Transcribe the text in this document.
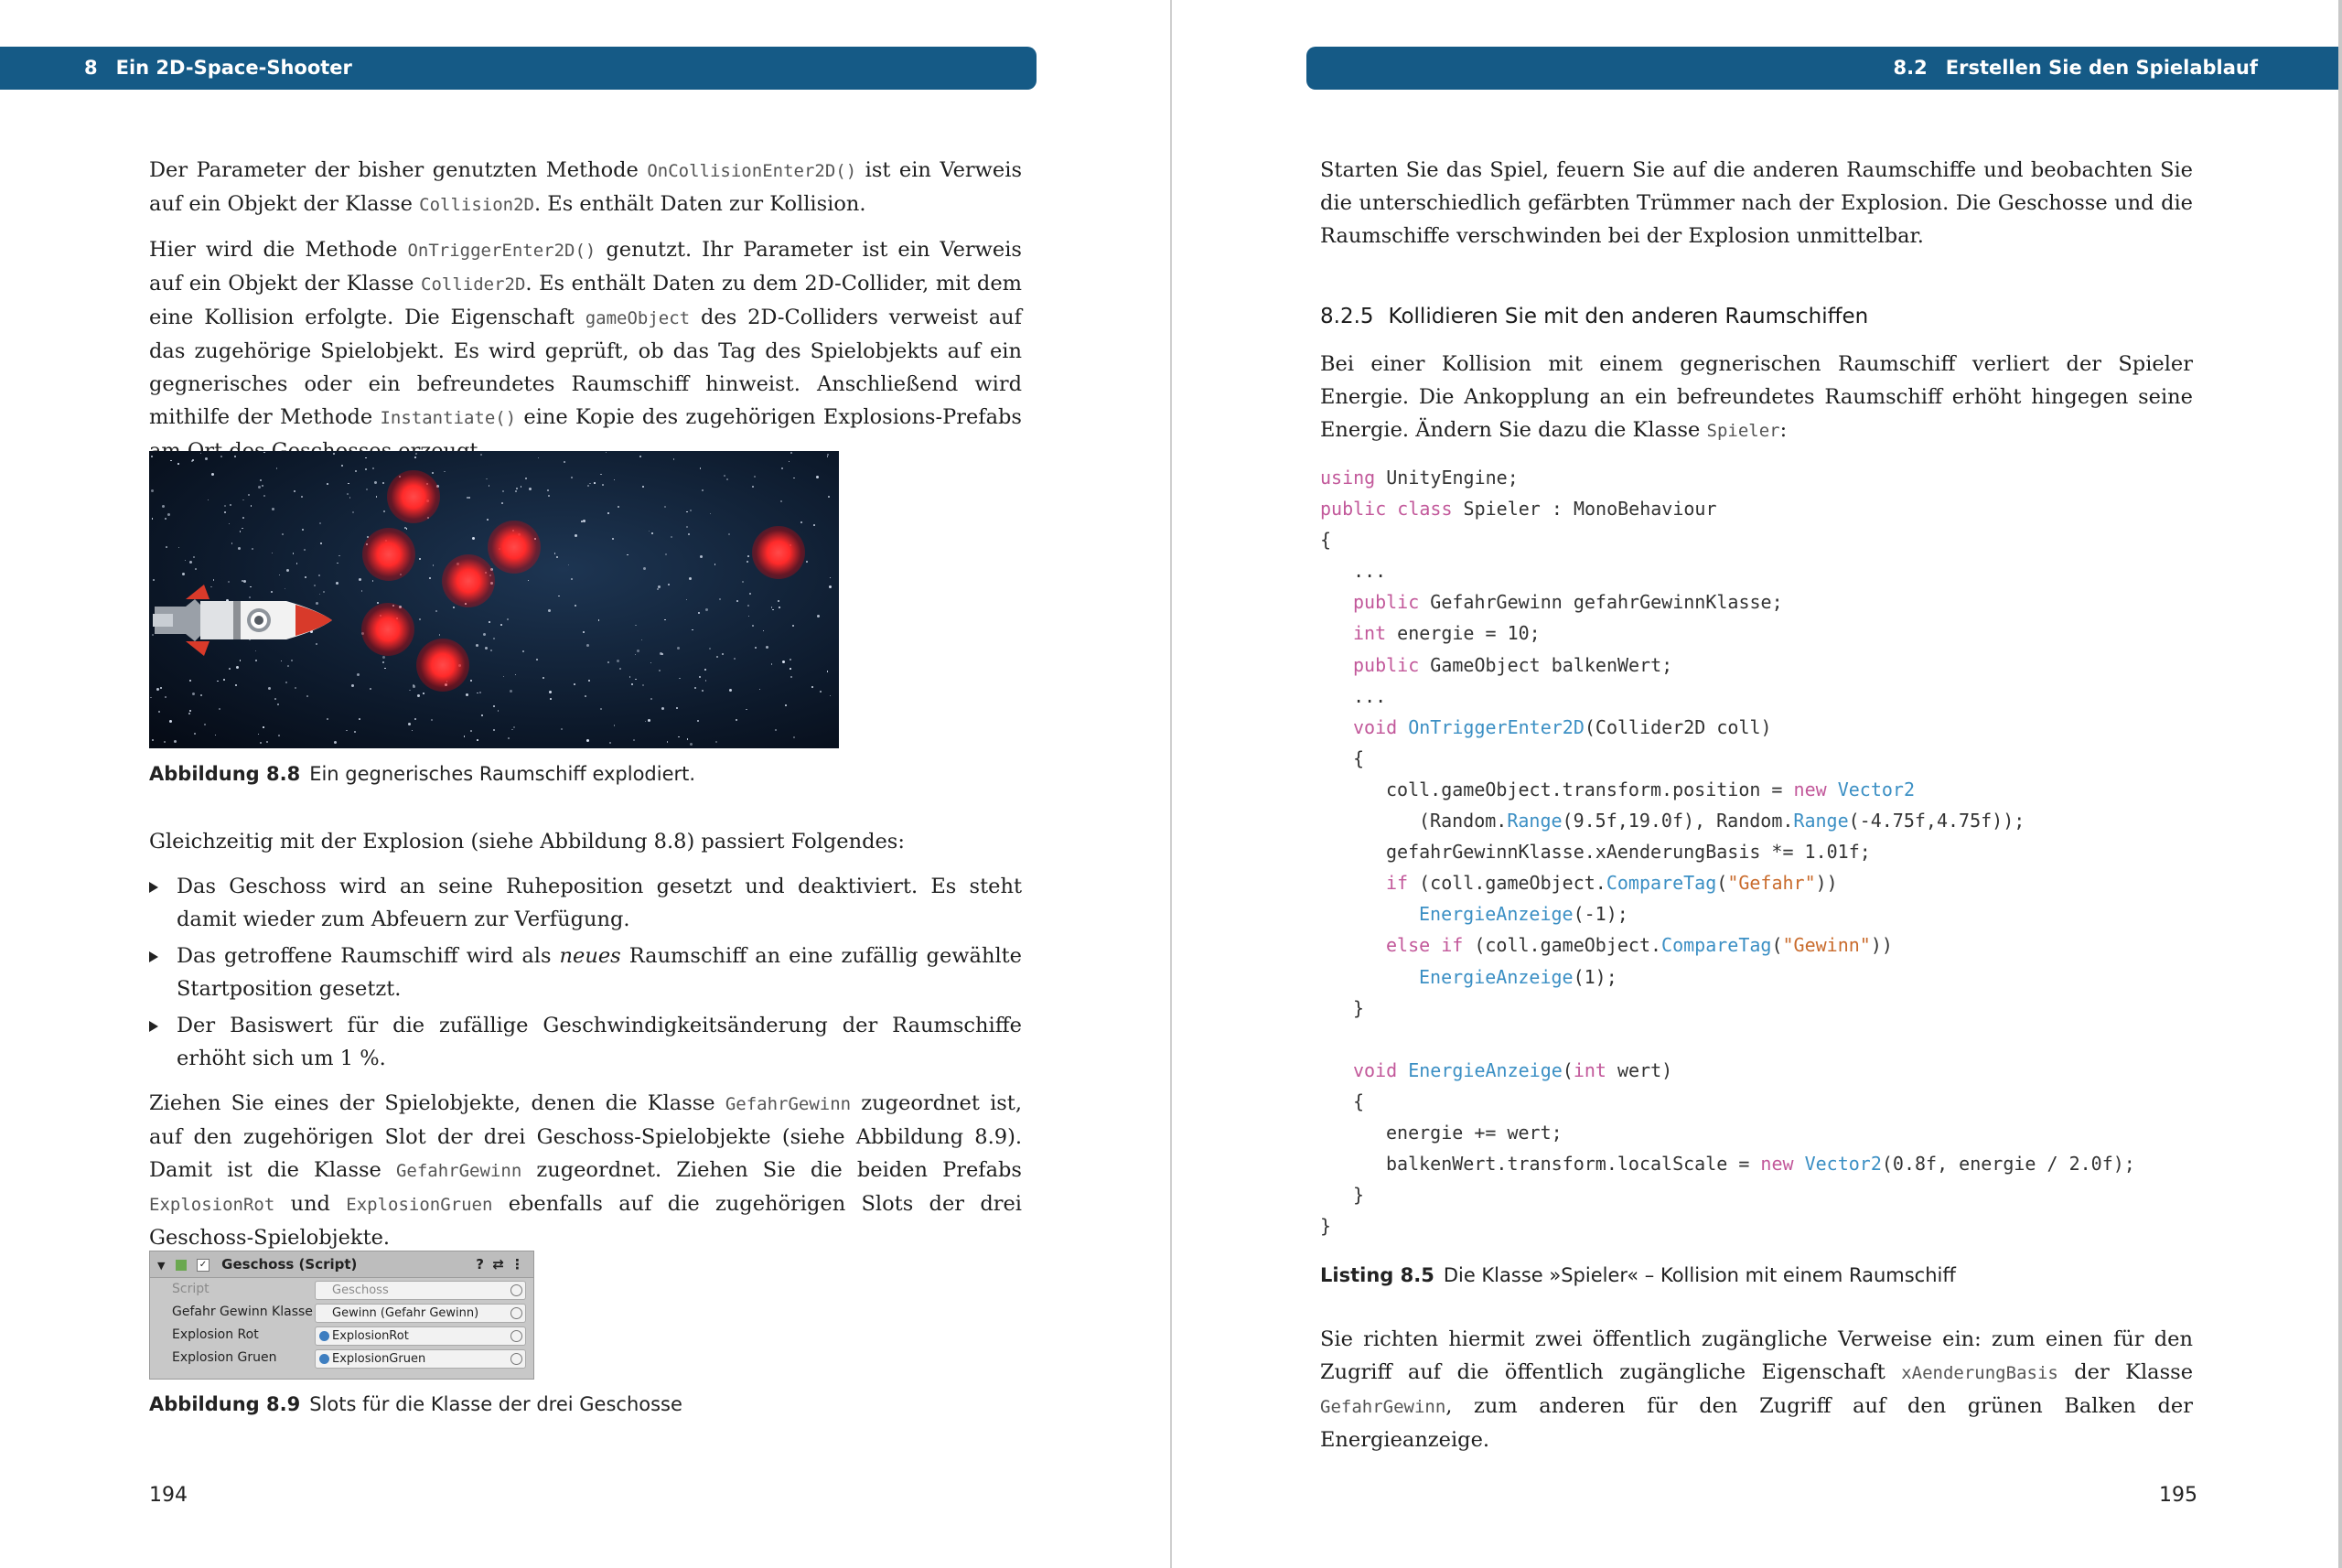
8 Ein 2D-Space-Shooter

Der Parameter der bisher genutzten Methode OnCollisionEnter2D() ist ein Verweis auf ein Objekt der Klasse Collision2D. Es enthält Daten zur Kollision.

Hier wird die Methode OnTriggerEnter2D() genutzt. Ihr Parameter ist ein Verweis auf ein Objekt der Klasse Collider2D. Es enthält Daten zu dem 2D-Collider, mit dem eine Kollision erfolgte. Die Eigenschaft gameObject des 2D-Colliders verweist auf das zugehörige Spielobjekt. Es wird geprüft, ob das Tag des Spielobjekts auf ein gegnerisches oder ein befreundetes Raumschiff hinweist. Anschließend wird mithilfe der Methode Instantiate() eine Kopie des zugehörigen Explosions-Prefabs

Abbildung 8.8 Ein gegnerisches Raumschiff explodiert.

Gleichzeitig mit der Explosion (siehe Abbildung 8.8) passiert Folgendes:

Das Geschoss wird an seine Ruheposition gesetzt und deaktiviert. Es steht damit wieder zum Abfeuern zur Verfügung.
Das getroffene Raumschiff wird als neues Raumschiff an eine zufällig gewählte Startposition gesetzt.
Der Basiswert für die zufällige Geschwindigkeitsänderung der Raumschiffe erhöht sich um 1 %.

Ziehen Sie eines der Spielobjekte, denen die Klasse GefahrGewinn zugeordnet ist, auf den zugehörigen Slot der drei Geschoss-Spielobjekte (siehe Abbildung 8.9). Damit ist die Klasse GefahrGewinn zugeordnet. Ziehen Sie die beiden Prefabs ExplosionRot und ExplosionGruen ebenfalls auf die zugehörigen Slots der drei Geschoss-Spielobjekte.

▼	✓ Geschoss (Script)	? ⇄ ⋮
Script	Geschoss
Gefahr Gewinn Klasse	Gewinn (Gefahr Gewinn)
Explosion Rot	ExplosionRot
Explosion Gruen	ExplosionGruen
Abbildung 8.9 Slots für die Klasse der drei Geschosse
194
8.2 Erstellen Sie den Spielablauf

Starten Sie das Spiel, feuern Sie auf die anderen Raumschiffe und beobachten Sie die unterschiedlich gefärbten Trümmer nach der Explosion. Die Geschosse und die Raumschiffe verschwinden bei der Explosion unmittelbar.

8.2.5 Kollidieren Sie mit den anderen Raumschiffen

Bei einer Kollision mit einem gegnerischen Raumschiff verliert der Spieler Energie. Die Ankopplung an ein befreundetes Raumschiff erhöht hingegen seine Energie. Ändern Sie dazu die Klasse Spieler:

using UnityEngine;
public class Spieler : MonoBehaviour
{
...
public GefahrGewinn gefahrGewinnKlasse;
int energie = 10;
public GameObject balkenWert;
...
void OnTriggerEnter2D(Collider2D coll)
{
coll.gameObject.transform.position = new Vector2
(Random.Range(9.5f,19.0f), Random.Range(-4.75f,4.75f));
gefahrGewinnKlasse.xAenderungBasis *= 1.01f;
if (coll.gameObject.CompareTag("Gefahr"))
EnergieAnzeige(-1);
else if (coll.gameObject.CompareTag("Gewinn"))
EnergieAnzeige(1);
}

void EnergieAnzeige(int wert)
{
energie += wert;
balkenWert.transform.localScale = new Vector2(0.8f, energie / 2.0f);
}
}
Listing 8.5 Die Klasse »Spieler« – Kollision mit einem Raumschiff

Sie richten hiermit zwei öffentlich zugängliche Verweise ein: zum einen für den Zugriff auf die öffentlich zugängliche Eigenschaft xAenderungBasis der Klasse GefahrGewinn, zum anderen für den Zugriff auf den grünen Balken der Energieanzeige.

195
